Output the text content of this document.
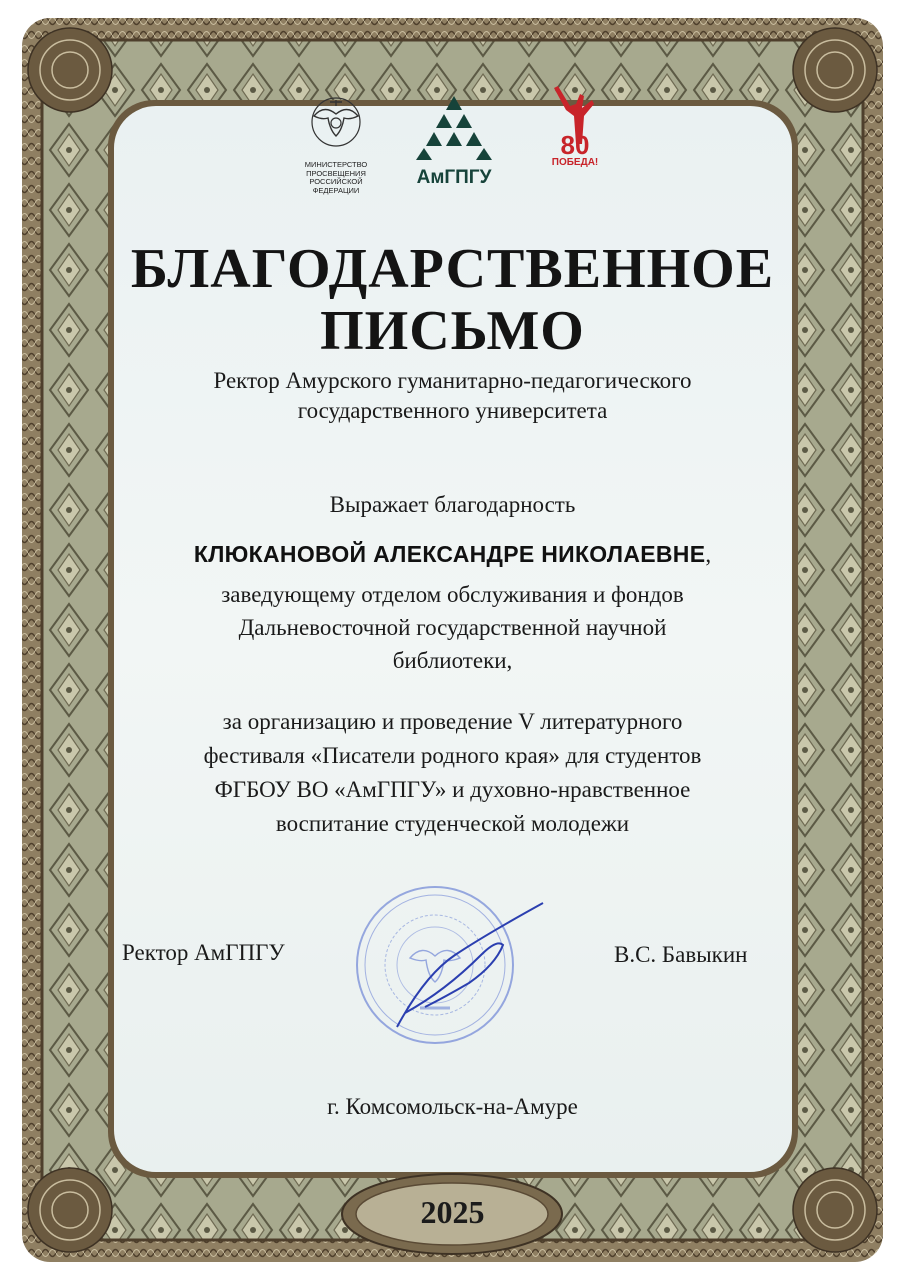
МИНИСТЕРСТВО
ПРОСВЕЩЕНИЯ
РОССИЙСКОЙ
ФЕДЕРАЦИИ
АмГПГУ
80
ПОБЕДА!
БЛАГОДАРСТВЕННОЕ
ПИСЬМО
Ректор Амурского гуманитарно-педагогического
государственного университета
Выражает благодарность
КЛЮКАНОВОЙ АЛЕКСАНДРЕ НИКОЛАЕВНЕ,
заведующему отделом обслуживания и фондов
Дальневосточной государственной научной
библиотеки,
за организацию и проведение V литературного
фестиваля «Писатели родного края» для студентов
ФГБОУ ВО «АмГПГУ» и духовно-нравственное
воспитание студенческой молодежи
Ректор АмГПГУ	В.С. Бавыкин
г. Комсомольск-на-Амуре
2025
